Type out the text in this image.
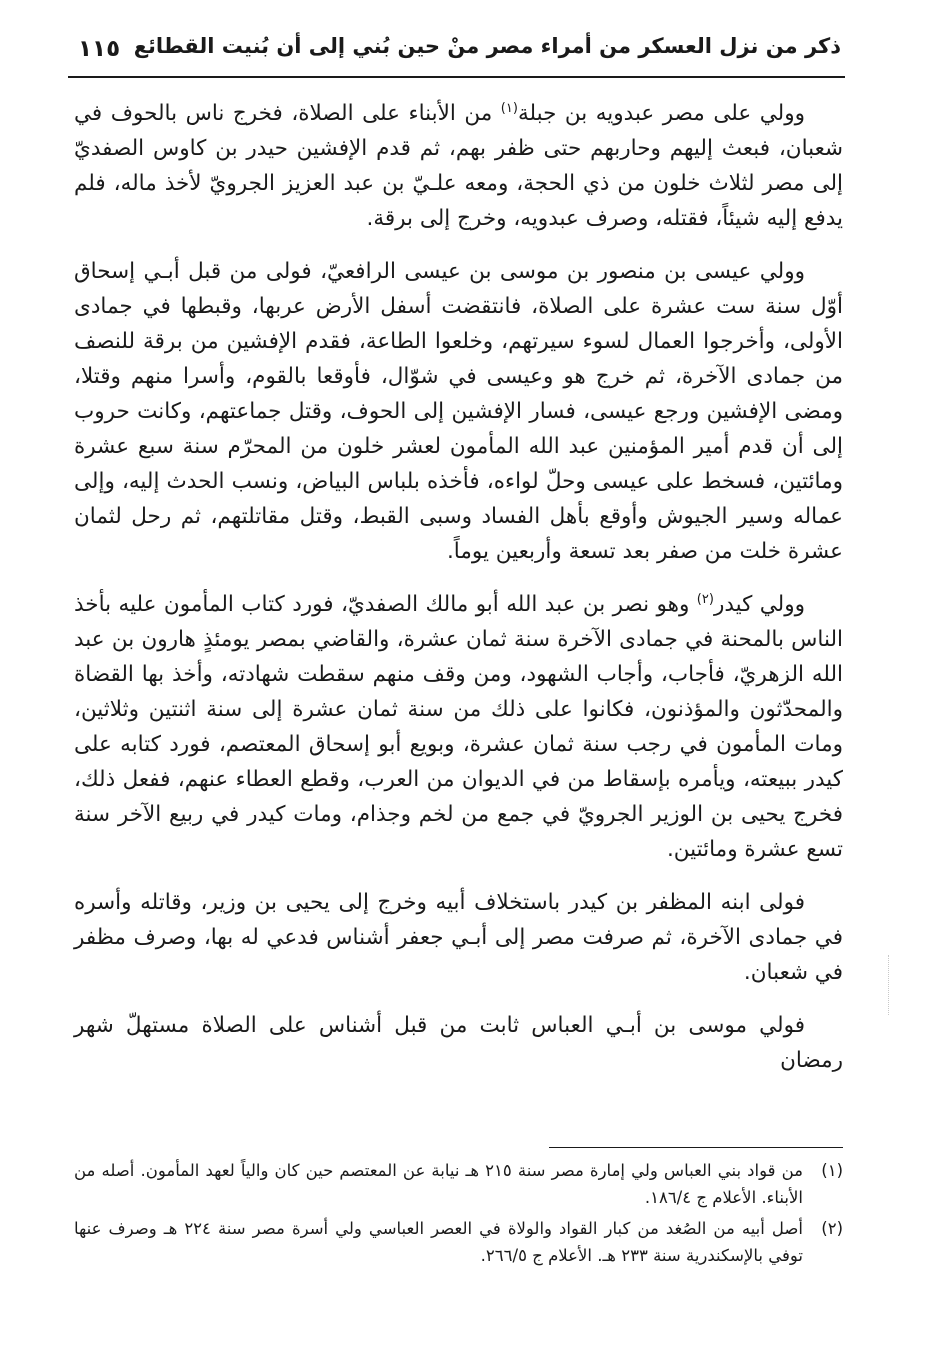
ذكر من نزل العسكر من أمراء مصر منْ حين بُني إلى أن بُنيت القطائع
١١٥

وولي على مصر عبدويه بن جبلة$^{(١)}$ من الأبناء على الصلاة، فخرج ناس بالحوف في شعبان، فبعث إليهم وحاربهم حتى ظفر بهم، ثم قدم الإفشين حيدر بن كاوس الصفديّ إلى مصر لثلاث خلون من ذي الحجة، ومعه علـيّ بن عبد العزيز الجرويّ لأخذ ماله، فلم يدفع إليه شيئاً، فقتله، وصرف عبدويه، وخرج إلى برقة.

وولي عيسى بن منصور بن موسى بن عيسى الرافعيّ، فولى من قبل أبـي إسحاق أوّل سنة ست عشرة على الصلاة، فانتقضت أسفل الأرض عربها، وقبطها في جمادى الأولى، وأخرجوا العمال لسوء سيرتهم، وخلعوا الطاعة، فقدم الإفشين من برقة للنصف من جمادى الآخرة، ثم خرج هو وعيسى في شوّال، فأوقعا بالقوم، وأسرا منهم وقتلا، ومضى الإفشين ورجع عيسى، فسار الإفشين إلى الحوف، وقتل جماعتهم، وكانت حروب إلى أن قدم أمير المؤمنين عبد الله المأمون لعشر خلون من المحرّم سنة سبع عشرة ومائتين، فسخط على عيسى وحلّ لواءه، فأخذه بلباس البياض، ونسب الحدث إليه، وإلى عماله وسير الجيوش وأوقع بأهل الفساد وسبى القبط، وقتل مقاتلتهم، ثم رحل لثمان عشرة خلت من صفر بعد تسعة وأربعين يوماً.

وولي كيدر$^{(٢)}$ وهو نصر بن عبد الله أبو مالك الصفديّ، فورد كتاب المأمون عليه بأخذ الناس بالمحنة في جمادى الآخرة سنة ثمان عشرة، والقاضي بمصر يومئذٍ هارون بن عبد الله الزهريّ، فأجاب، وأجاب الشهود، ومن وقف منهم سقطت شهادته، وأخذ بها القضاة والمحدّثون والمؤذنون، فكانوا على ذلك من سنة ثمان عشرة إلى سنة اثنتين وثلاثين، ومات المأمون في رجب سنة ثمان عشرة، وبويع أبو إسحاق المعتصم، فورد كتابه على كيدر ببيعته، ويأمره بإسقاط من في الديوان من العرب، وقطع العطاء عنهم، ففعل ذلك، فخرج يحيى بن الوزير الجرويّ في جمع من لخم وجذام، ومات كيدر في ربيع الآخر سنة تسع عشرة ومائتين.

فولى ابنه المظفر بن كيدر باستخلاف أبيه وخرج إلى يحيى بن وزير، وقاتله وأسره في جمادى الآخرة، ثم صرفت مصر إلى أبـي جعفر أشناس فدعي له بها، وصرف مظفر في شعبان.

فولي موسى بن أبـي العباس ثابت من قبل أشناس على الصلاة مستهلّ شهر رمضان

(١)
من قواد بني العباس ولي إمارة مصر سنة ٢١٥ هـ نيابة عن المعتصم حين كان والياً لعهد المأمون. أصله من الأبناء. الأعلام ج ١٨٦/٤.
(٢)
أصل أبيه من الصُغد من كبار القواد والولاة في العصر العباسي ولي أسرة مصر سنة ٢٢٤ هـ وصرف عنها توفي بالإسكندرية سنة ٢٣٣ هـ. الأعلام ج ٢٦٦/٥.
